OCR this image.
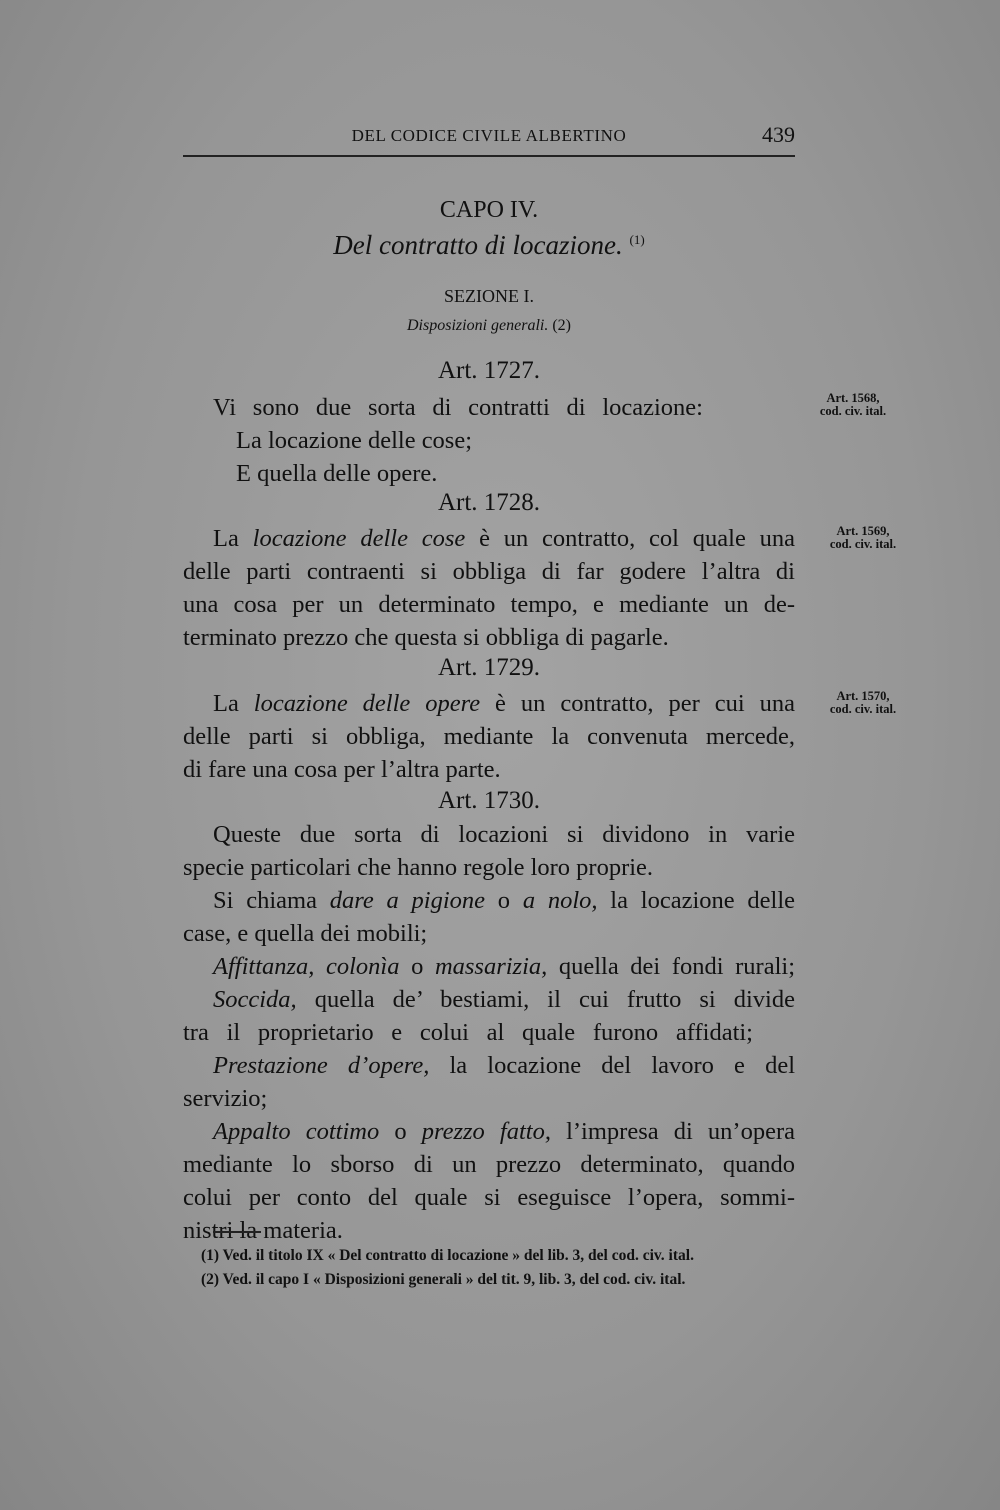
DEL CODICE CIVILE ALBERTINO	439
CAPO IV.
Del contratto di locazione. $^{(1)}$
SEZIONE I.
Disposizioni generali. (2)
Art. 1727.
Vi sono due sorta di contratti di locazione:
La locazione delle cose;
E quella delle opere.
Art. 1568,
cod. civ. ital.
Art. 1728.
La locazione delle cose è un contratto, col quale una
delle parti contraenti si obbliga di far godere l’altra di
una cosa per un determinato tempo, e mediante un de-
terminato prezzo che questa si obbliga di pagarle.
Art. 1569,
cod. civ. ital.
Art. 1729.
La locazione delle opere è un contratto, per cui una
delle parti si obbliga, mediante la convenuta mercede,
di fare una cosa per l’altra parte.
Art. 1570,
cod. civ. ital.
Art. 1730.
Queste due sorta di locazioni si dividono in varie
specie particolari che hanno regole loro proprie.
Si chiama dare a pigione o a nolo, la locazione delle
case, e quella dei mobili;
Affittanza, colonìa o massarizia, quella dei fondi rurali;
Soccida, quella de’ bestiami, il cui frutto si divide
tra il proprietario e colui al quale furono affidati;
Prestazione d’opere, la locazione del lavoro e del
servizio;
Appalto cottimo o prezzo fatto, l’impresa di un’opera
mediante lo sborso di un prezzo determinato, quando
colui per conto del quale si eseguisce l’opera, sommi-
nistri la materia.
(1) Ved. il titolo IX « Del contratto di locazione » del lib. 3, del cod. civ. ital.
(2) Ved. il capo I « Disposizioni generali » del tit. 9, lib. 3, del cod. civ. ital.
